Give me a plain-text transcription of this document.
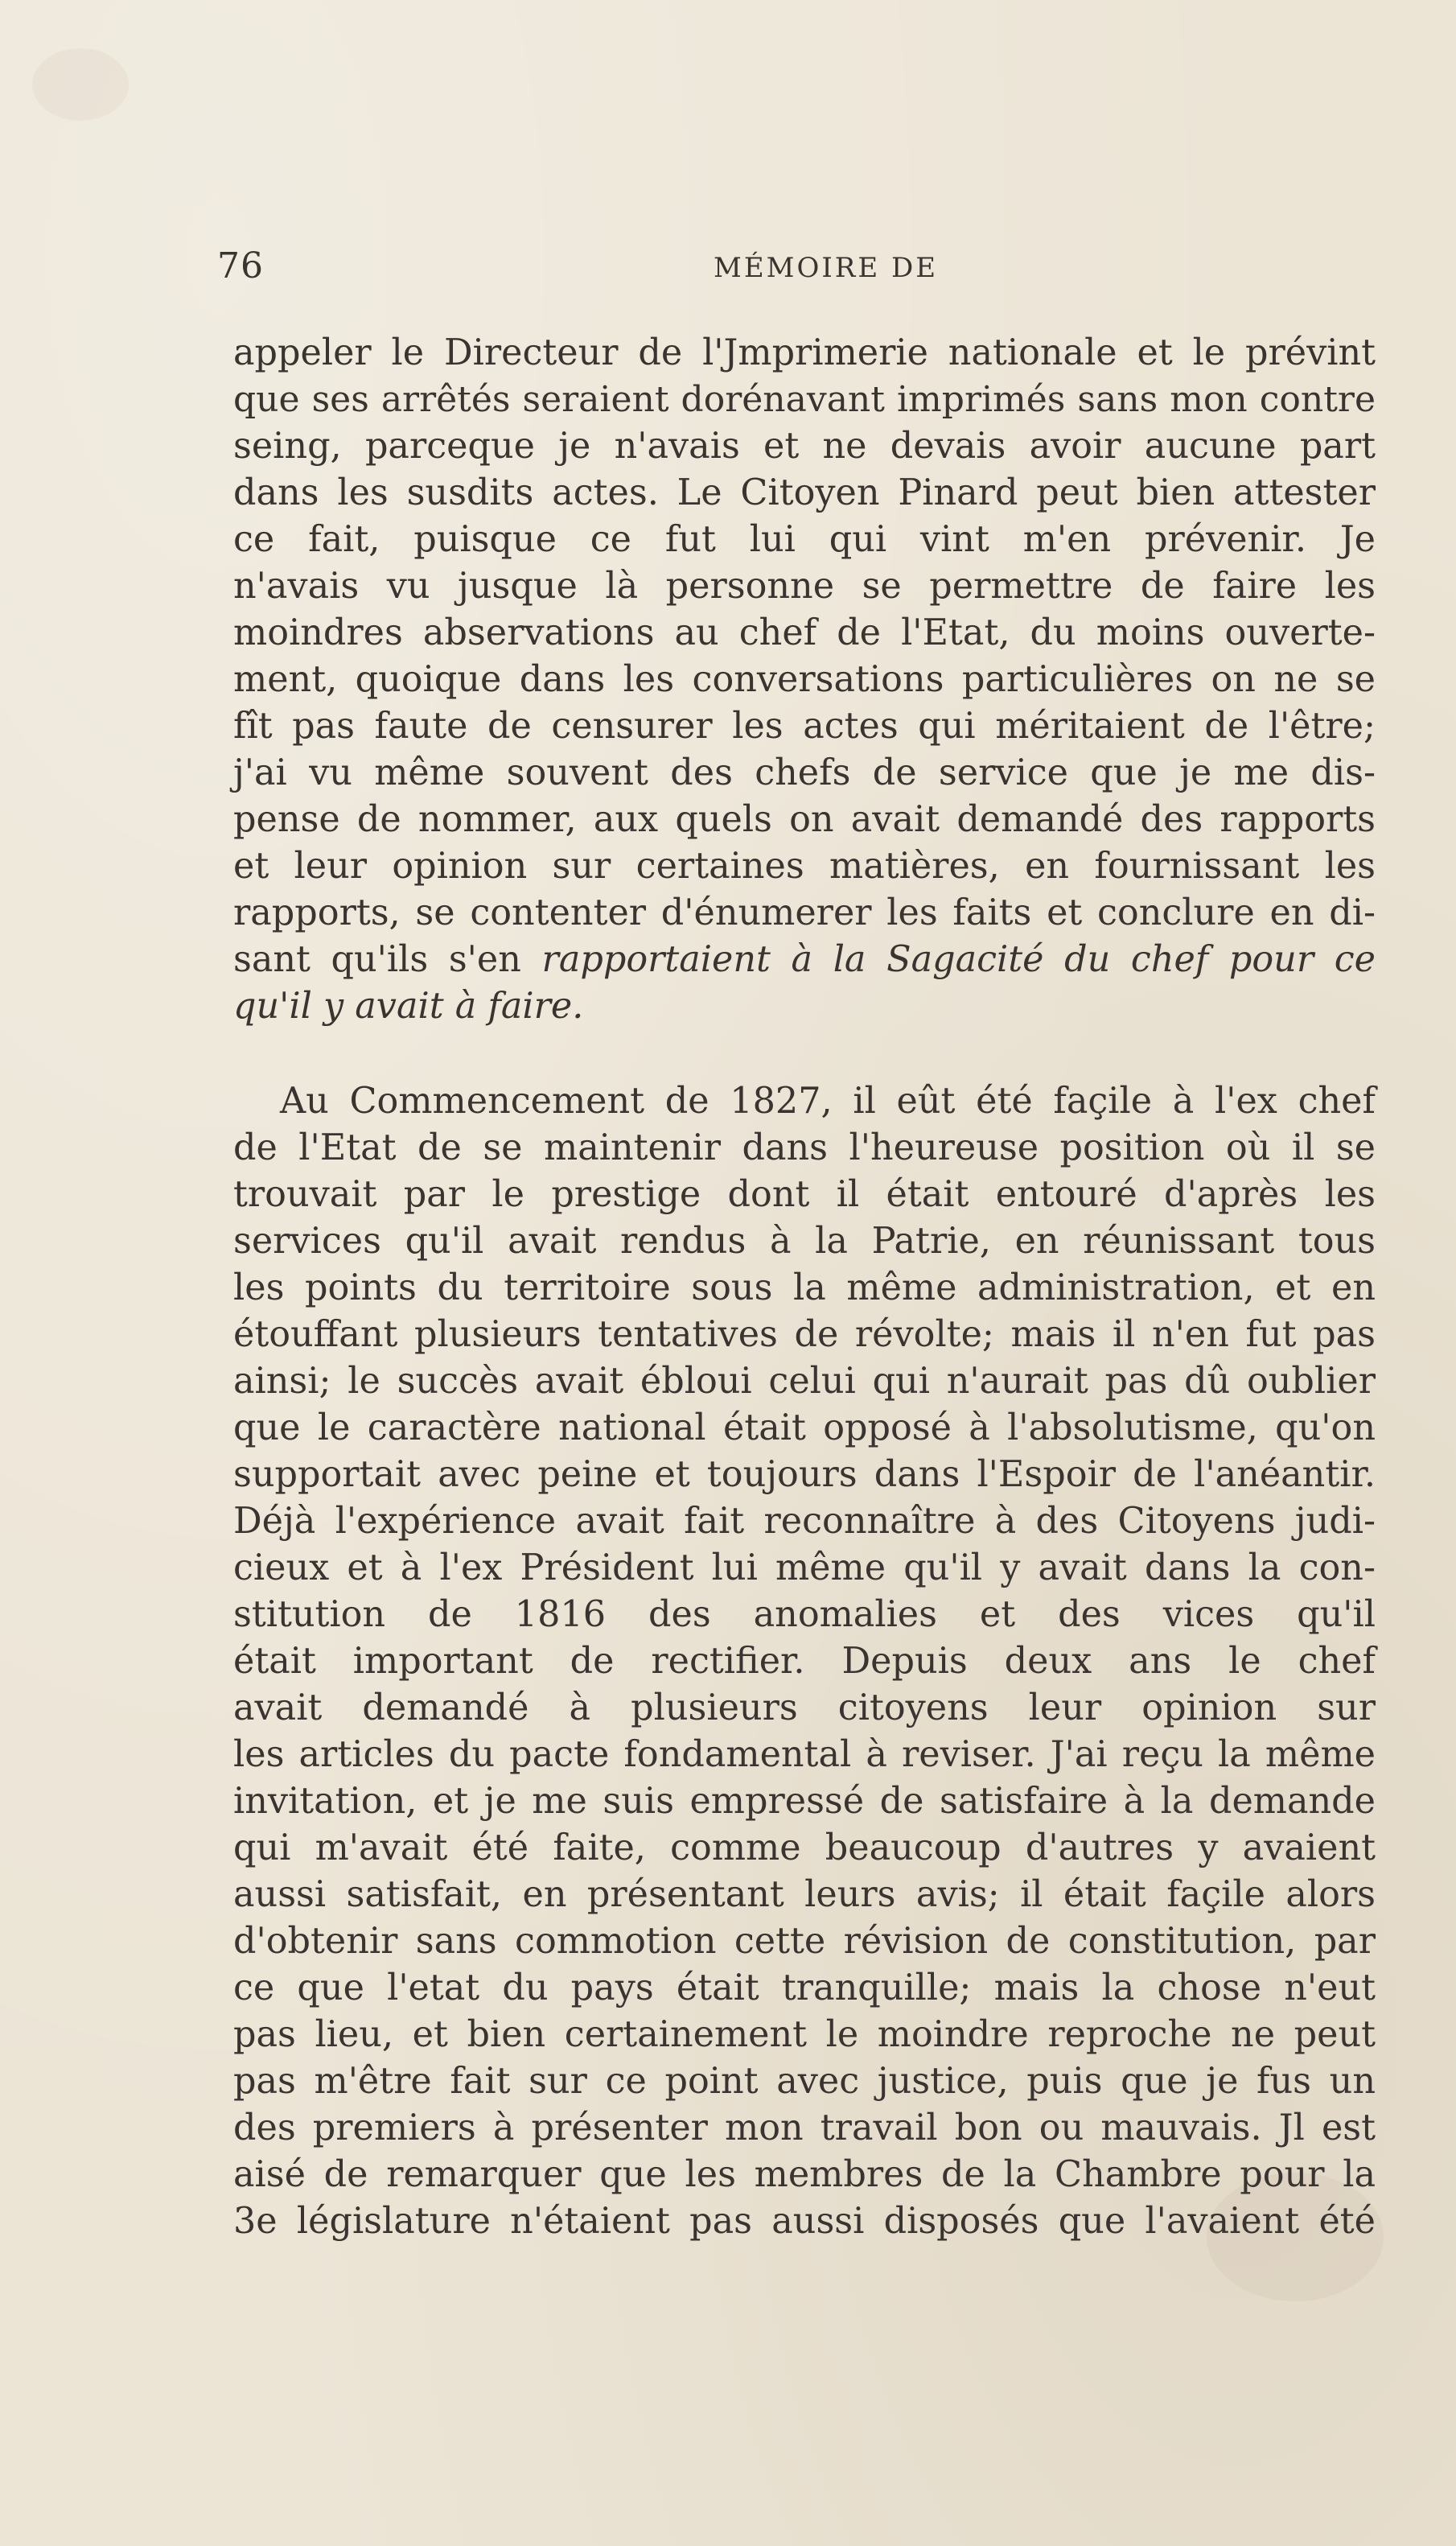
76	MÉMOIRE DE
appeler le Directeur de l'Jmprimerie nationale et le prévint
que ses arrêtés seraient dorénavant imprimés sans mon contre
seing, parceque je n'avais et ne devais avoir aucune part
dans les susdits actes. Le Citoyen Pinard peut bien attester
ce fait, puisque ce fut lui qui vint m'en prévenir. Je
n'avais vu jusque là personne se permettre de faire les
moindres abservations au chef de l'Etat, du moins ouverte-
ment, quoique dans les conversations particulières on ne se
fît pas faute de censurer les actes qui méritaient de l'être;
j'ai vu même souvent des chefs de service que je me dis-
pense de nommer, aux quels on avait demandé des rapports
et leur opinion sur certaines matières, en fournissant les
rapports, se contenter d'énumerer les faits et conclure en di-
sant qu'ils s'en rapportaient à la Sagacité du chef pour ce
qu'il y avait à faire.
Au Commencement de 1827, il eût été façile à l'ex chef
de l'Etat de se maintenir dans l'heureuse position où il se
trouvait par le prestige dont il était entouré d'après les
services qu'il avait rendus à la Patrie, en réunissant tous
les points du territoire sous la même administration, et en
étouffant plusieurs tentatives de révolte; mais il n'en fut pas
ainsi; le succès avait ébloui celui qui n'aurait pas dû oublier
que le caractère national était opposé à l'absolutisme, qu'on
supportait avec peine et toujours dans l'Espoir de l'anéantir.
Déjà l'expérience avait fait reconnaître à des Citoyens judi-
cieux et à l'ex Président lui même qu'il y avait dans la con-
stitution de 1816 des anomalies et des vices qu'il
était important de rectifier. Depuis deux ans le chef
avait demandé à plusieurs citoyens leur opinion sur
les articles du pacte fondamental à reviser. J'ai reçu la même
invitation, et je me suis empressé de satisfaire à la demande
qui m'avait été faite, comme beaucoup d'autres y avaient
aussi satisfait, en présentant leurs avis; il était façile alors
d'obtenir sans commotion cette révision de constitution, par
ce que l'etat du pays était tranquille; mais la chose n'eut
pas lieu, et bien certainement le moindre reproche ne peut
pas m'être fait sur ce point avec justice, puis que je fus un
des premiers à présenter mon travail bon ou mauvais. Jl est
aisé de remarquer que les membres de la Chambre pour la
3e législature n'étaient pas aussi disposés que l'avaient été
